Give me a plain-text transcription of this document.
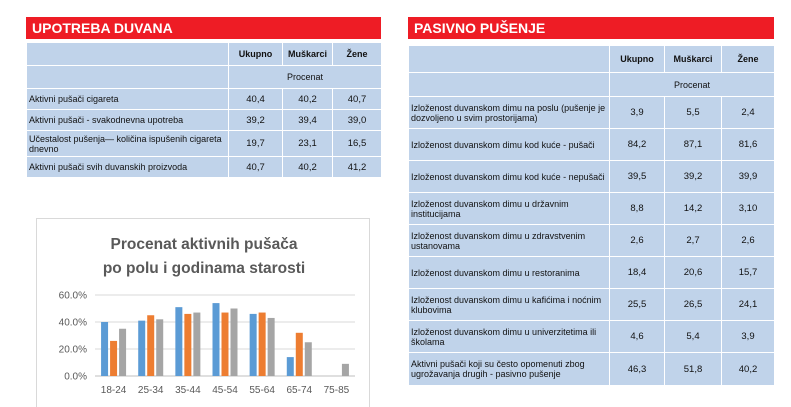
UPOTREBA DUVANA
	Ukupno	Muškarci	Žene
	Procenat		
Aktivni pušači cigareta	40,4	40,2	40,7
Aktivni pušači - svakodnevna upotreba	39,2	39,4	39,0
Učestalost pušenja— količina ispušenih cigareta dnevno	19,7	23,1	16,5
Aktivni pušači svih duvanskih proizvoda	40,7	40,2	41,2
Procenat aktivnih pušača
po polu i godinama starosti
0.0%
20.0%
40.0%
60.0%
18-24 25-34 35-44 45-54 55-64 65-74 75-85
PASIVNO PUŠENJE
	Ukupno	Muškarci	Žene
	Procenat		
Izloženost duvanskom dimu na poslu (pušenje je dozvoljeno u svim prostorijama)	3,9	5,5	2,4
Izloženost duvanskom dimu kod kuće - pušači	84,2	87,1	81,6
Izloženost duvanskom dimu kod kuće - nepušači	39,5	39,2	39,9
Izloženost duvanskom dimu u državnim institucijama	8,8	14,2	3,10
Izloženost duvanskom dimu u zdravstvenim ustanovama	2,6	2,7	2,6
Izloženost duvanskom dimu u restoranima	18,4	20,6	15,7
Izloženost duvanskom dimu u kafićima i noćnim klubovima	25,5	26,5	24,1
Izloženost duvanskom dimu u univerzitetima ili školama	4,6	5,4	3,9
Aktivni pušači koji su često opomenuti zbog ugrožavanja drugih - pasivno pušenje	46,3	51,8	40,2
